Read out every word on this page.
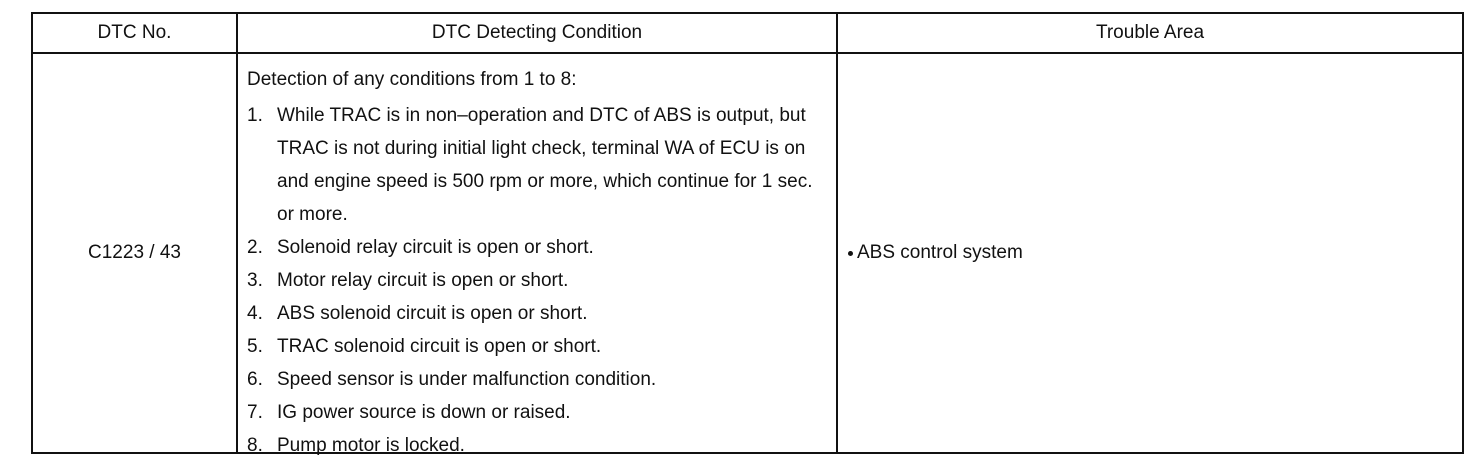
DTC No.	DTC Detecting Condition	Trouble Area
C1223 / 43
Detection of any conditions from 1 to 8:
1. While TRAC is in non–operation and DTC of ABS is output, but TRAC is not during initial light check, terminal WA of ECU is on and engine speed is 500 rpm or more, which continue for 1 sec. or more.
2. Solenoid relay circuit is open or short.
3. Motor relay circuit is open or short.
4. ABS solenoid circuit is open or short.
5. TRAC solenoid circuit is open or short.
6. Speed sensor is under malfunction condition.
7. IG power source is down or raised.
8. Pump motor is locked.
ABS control system
